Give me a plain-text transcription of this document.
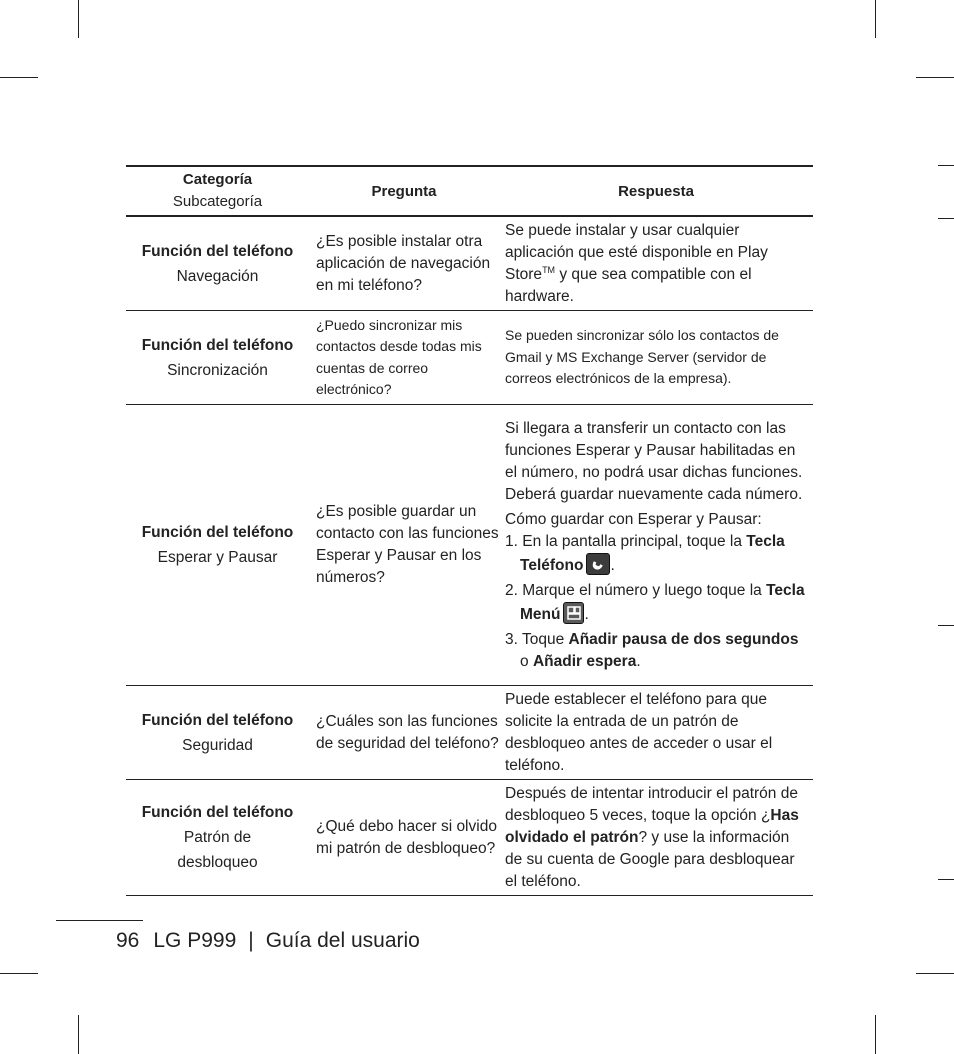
Categoría
Subcategoría
Pregunta	Respuesta
Función del teléfono
Navegación
¿Es posible instalar otra aplicación de navegación en mi teléfono?

Se puede instalar y usar cualquier aplicación que esté disponible en Play Store™ y que sea compatible con el hardware.

Función del teléfono
Sincronización
¿Puedo sincronizar mis contactos desde todas mis cuentas de correo electrónico?
Se pueden sincronizar sólo los contactos de Gmail y MS Exchange Server (servidor de correos electrónicos de la empresa).
Función del teléfono
Esperar y Pausar
¿Es posible guardar un contacto con las funciones Esperar y Pausar en los números?

Si llegara a transferir un contacto con las funciones Esperar y Pausar habilitadas en el número, no podrá usar dichas funciones. Deberá guardar nuevamente cada número.

Cómo guardar con Esperar y Pausar:

1. En la pantalla principal, toque la Tecla Teléfono .

2. Marque el número y luego toque la Tecla Menú .

3. Toque Añadir pausa de dos segundos o Añadir espera.

Función del teléfono
Seguridad
¿Cuáles son las funciones de seguridad del teléfono?
Puede establecer el teléfono para que solicite la entrada de un patrón de desbloqueo antes de acceder o usar el teléfono.
Función del teléfono
Patrón de desbloqueo
¿Qué debo hacer si olvido mi patrón de desbloqueo?

Después de intentar introducir el patrón de desbloqueo 5 veces, toque la opción ¿Has olvidado el patrón? y use la información de su cuenta de Google para desbloquear el teléfono.

96 LG P999 | Guía del usuario
